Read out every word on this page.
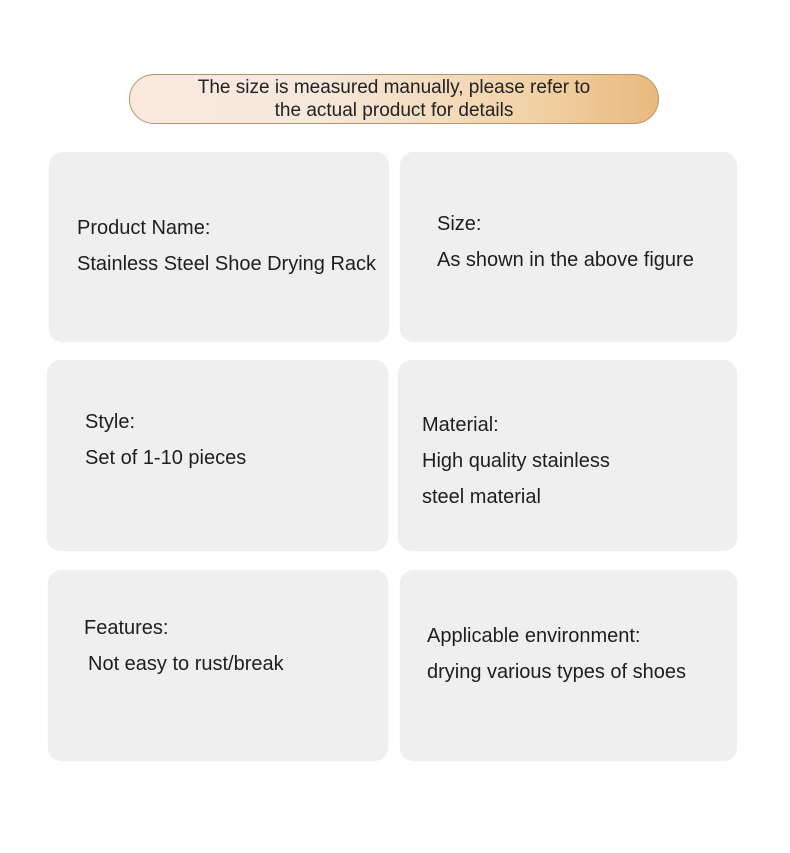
The size is measured manually, please refer to
the actual product for details
Product Name:
Stainless Steel Shoe Drying Rack
Size:
As shown in the above figure
Style:
Set of 1-10 pieces
Material:
High quality stainless
steel material
Features:
Not easy to rust/break
Applicable environment:
drying various types of shoes
